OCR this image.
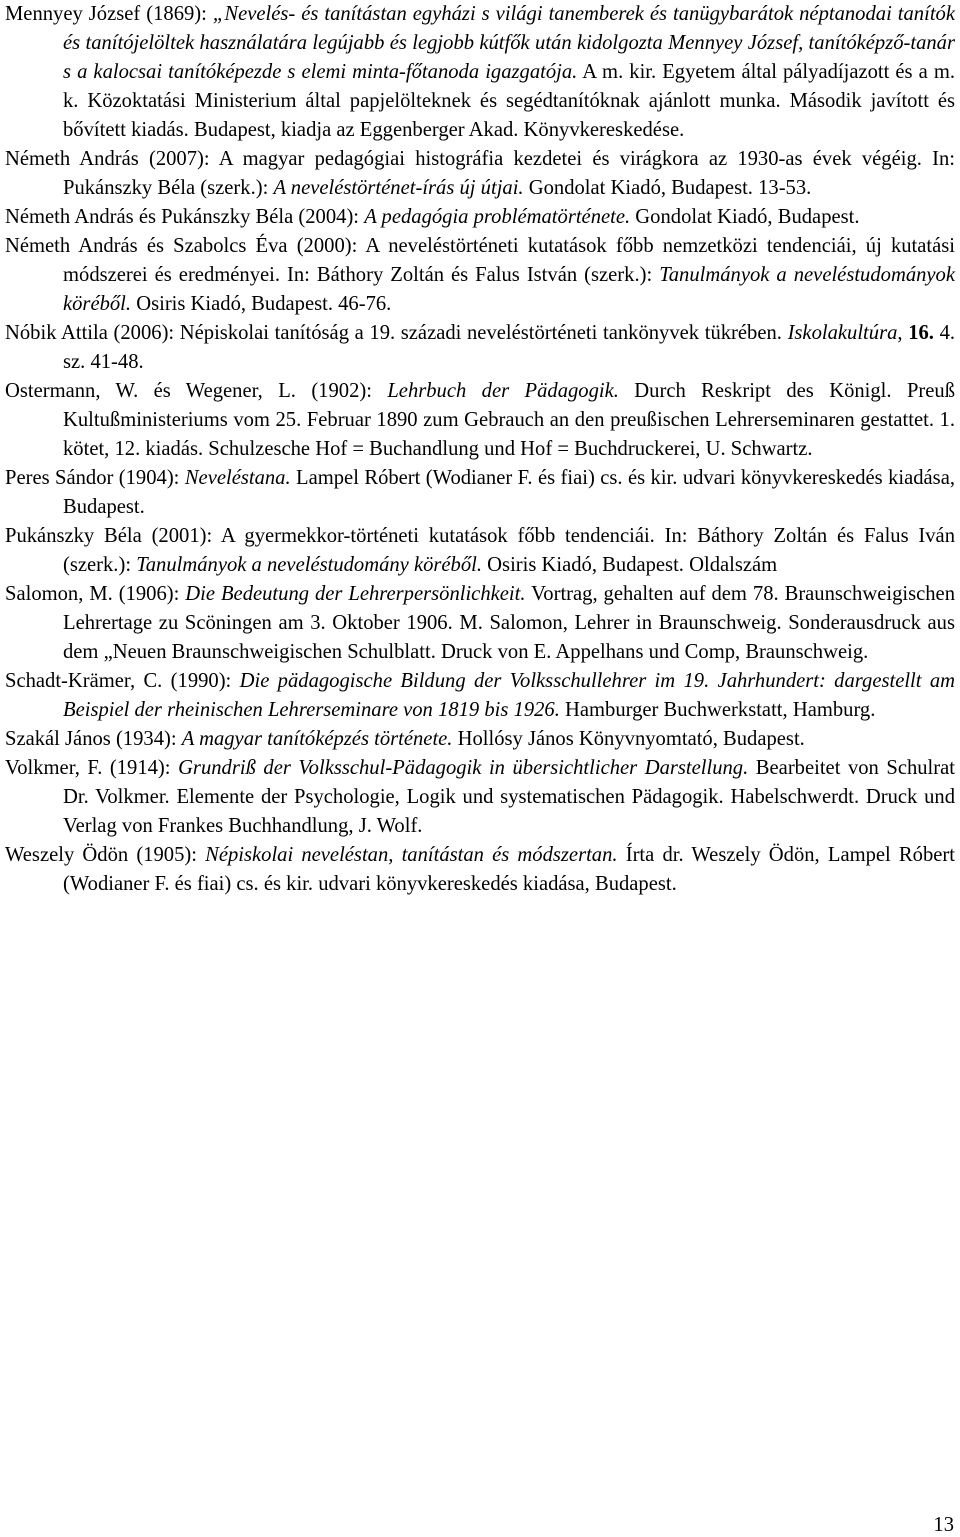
Mennyey József (1869): „Nevelés- és tanítástan egyházi s világi tanemberek és tanügybarátok néptanodai tanítók és tanítójelöltek használatára legújabb és legjobb kútfők után kidolgozta Mennyey József, tanítóképző-tanár s a kalocsai tanítóképezde s elemi minta-főtanoda igazgatója. A m. kir. Egyetem által pályadíjazott és a m. k. Közoktatási Ministerium által papjelölteknek és segédtanítóknak ajánlott munka. Második javított és bővített kiadás. Budapest, kiadja az Eggenberger Akad. Könyvkereskedése.

Németh András (2007): A magyar pedagógiai histográfia kezdetei és virágkora az 1930-as évek végéig. In: Pukánszky Béla (szerk.): A neveléstörténet-írás új útjai. Gondolat Kiadó, Budapest. 13-53.

Németh András és Pukánszky Béla (2004): A pedagógia problématörténete. Gondolat Kiadó, Budapest.

Németh András és Szabolcs Éva (2000): A neveléstörténeti kutatások főbb nemzetközi tendenciái, új kutatási módszerei és eredményei. In: Báthory Zoltán és Falus István (szerk.): Tanulmányok a neveléstudományok köréből. Osiris Kiadó, Budapest. 46-76.

Nóbik Attila (2006): Népiskolai tanítóság a 19. századi neveléstörténeti tankönyvek tükrében. Iskolakultúra, 16. 4. sz. 41-48.

Ostermann, W. és Wegener, L. (1902): Lehrbuch der Pädagogik. Durch Reskript des Königl. Preuß Kultußministeriums vom 25. Februar 1890 zum Gebrauch an den preußischen Lehrerseminaren gestattet. 1. kötet, 12. kiadás. Schulzesche Hof = Buchandlung und Hof = Buchdruckerei, U. Schwartz.

Peres Sándor (1904): Neveléstana. Lampel Róbert (Wodianer F. és fiai) cs. és kir. udvari könyvkereskedés kiadása, Budapest.

Pukánszky Béla (2001): A gyermekkor-történeti kutatások főbb tendenciái. In: Báthory Zoltán és Falus Iván (szerk.): Tanulmányok a neveléstudomány köréből. Osiris Kiadó, Budapest. Oldalszám

Salomon, M. (1906): Die Bedeutung der Lehrerpersönlichkeit. Vortrag, gehalten auf dem 78. Braunschweigischen Lehrertage zu Scöningen am 3. Oktober 1906. M. Salomon, Lehrer in Braunschweig. Sonderausdruck aus dem „Neuen Braunschweigischen Schulblatt. Druck von E. Appelhans und Comp, Braunschweig.

Schadt-Krämer, C. (1990): Die pädagogische Bildung der Volksschullehrer im 19. Jahrhundert: dargestellt am Beispiel der rheinischen Lehrerseminare von 1819 bis 1926. Hamburger Buchwerkstatt, Hamburg.

Szakál János (1934): A magyar tanítóképzés története. Hollósy János Könyvnyomtató, Budapest.

Volkmer, F. (1914): Grundriß der Volksschul-Pädagogik in übersichtlicher Darstellung. Bearbeitet von Schulrat Dr. Volkmer. Elemente der Psychologie, Logik und systematischen Pädagogik. Habelschwerdt. Druck und Verlag von Frankes Buchhandlung, J. Wolf.

Weszely Ödön (1905): Népiskolai neveléstan, tanítástan és módszertan. Írta dr. Weszely Ödön, Lampel Róbert (Wodianer F. és fiai) cs. és kir. udvari könyvkereskedés kiadása, Budapest.

13
